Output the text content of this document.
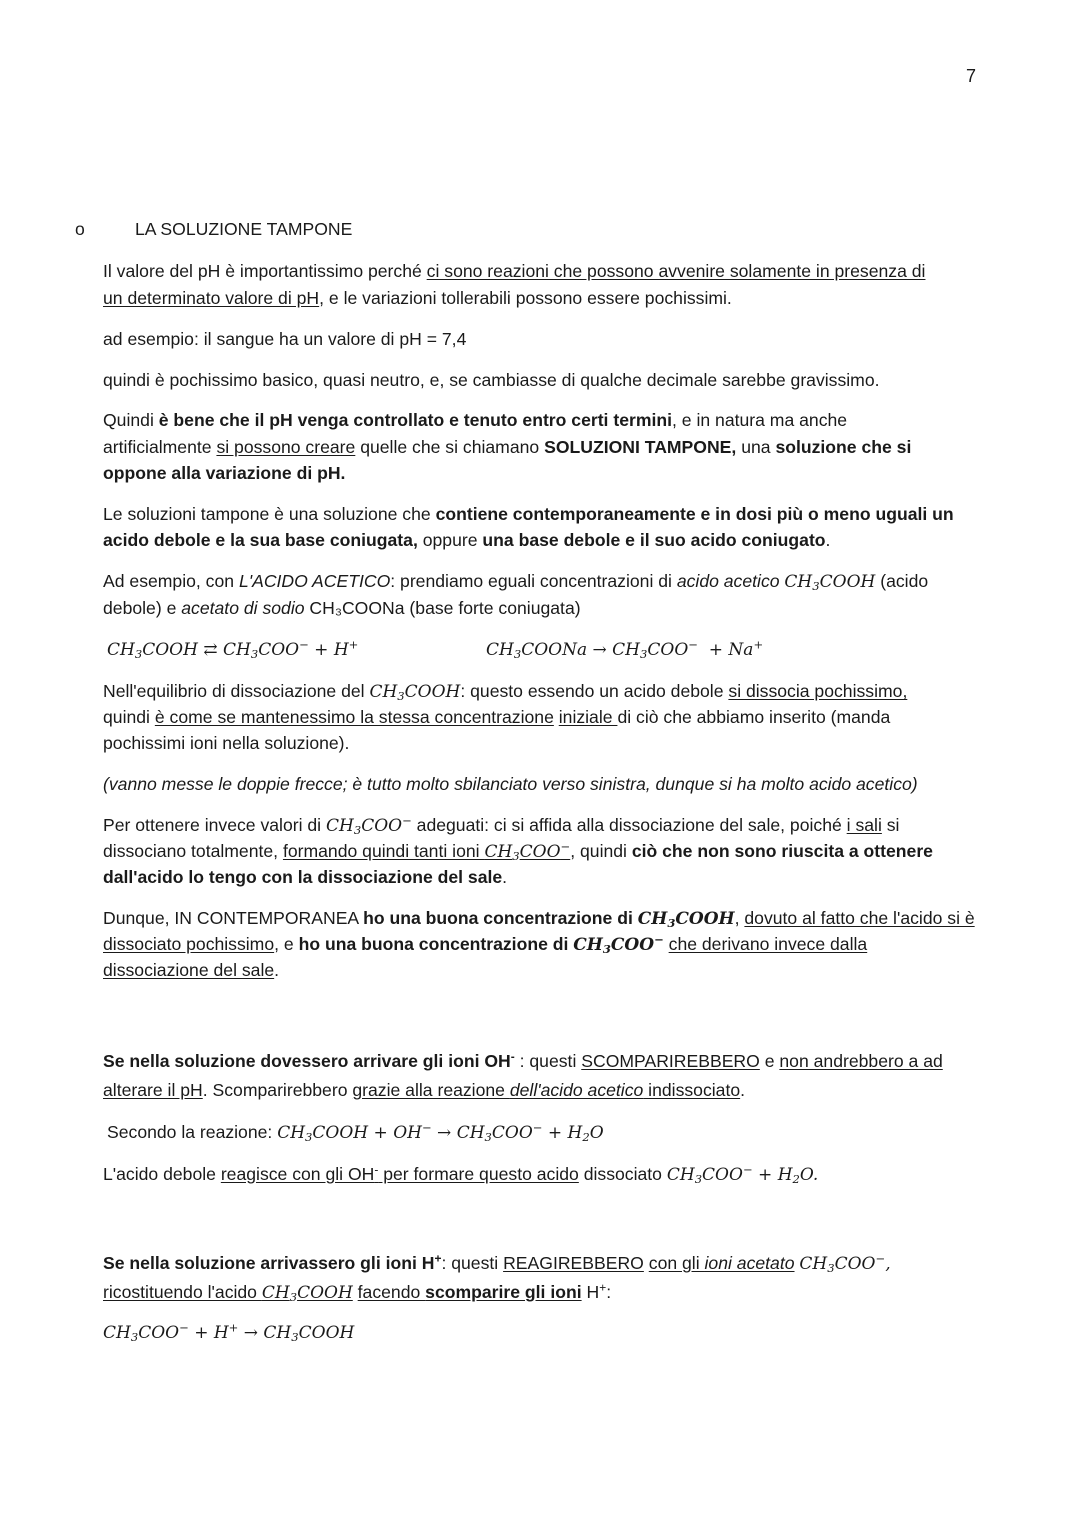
7
o	LA SOLUZIONE TAMPONE
Il valore del pH è importantissimo perché ci sono reazioni che possono avvenire solamente in presenza di
un determinato valore di pH, e le variazioni tollerabili possono essere pochissimi.
ad esempio: il sangue ha un valore di pH = 7,4
quindi è pochissimo basico, quasi neutro, e, se cambiasse di qualche decimale sarebbe gravissimo.
Quindi è bene che il pH venga controllato e tenuto entro certi termini, e in natura ma anche
artificialmente si possono creare quelle che si chiamano SOLUZIONI TAMPONE, una soluzione che si
oppone alla variazione di pH.
Le soluzioni tampone è una soluzione che contiene contemporaneamente e in dosi più o meno uguali un
acido debole e la sua base coniugata, oppure una base debole e il suo acido coniugato.
Ad esempio, con L'ACIDO ACETICO: prendiamo eguali concentrazioni di acido acetico $CH_3COOH$ (acido
debole) e acetato di sodio CH₃COONa (base forte coniugata)
$CH_3COOH$ ⇄ $CH_3COO^- + H^+$	$CH_3COONa \to CH_3COO^- + Na^+$
Nell'equilibrio di dissociazione del $CH_3COOH$: questo essendo un acido debole si dissocia pochissimo,
quindi è come se mantenessimo la stessa concentrazione iniziale di ciò che abbiamo inserito (manda
pochissimi ioni nella soluzione).
(vanno messe le doppie frecce; è tutto molto sbilanciato verso sinistra, dunque si ha molto acido acetico)
Per ottenere invece valori di $CH_3COO^-$ adeguati: ci si affida alla dissociazione del sale, poiché i sali si
dissociano totalmente, formando quindi tanti ioni $CH_3COO^-$, quindi ciò che non sono riuscita a ottenere
dall'acido lo tengo con la dissociazione del sale.
Dunque, IN CONTEMPORANEA ho una buona concentrazione di $CH_3COOH$, dovuto al fatto che l'acido si è
dissociato pochissimo, e ho una buona concentrazione di $CH_3COO^-$ che derivano invece dalla
dissociazione del sale.
Se nella soluzione dovessero arrivare gli ioni OH- : questi SCOMPARIREBBERO e non andrebbero a ad
alterare il pH. Scomparirebbero grazie alla reazione dell'acido acetico indissociato.
Secondo la reazione: $CH_3COOH + OH^- \to CH_3COO^- + H_2O$
L'acido debole reagisce con gli OH- per formare questo acido dissociato $CH_3COO^- + H_2O$.
Se nella soluzione arrivassero gli ioni H+: questi REAGIREBBERO con gli ioni acetato $CH_3COO^-$,
ricostituendo l'acido $CH_3COOH$ facendo scomparire gli ioni H+:
$CH_3COO^- + H^+$ → $CH_3COOH$
